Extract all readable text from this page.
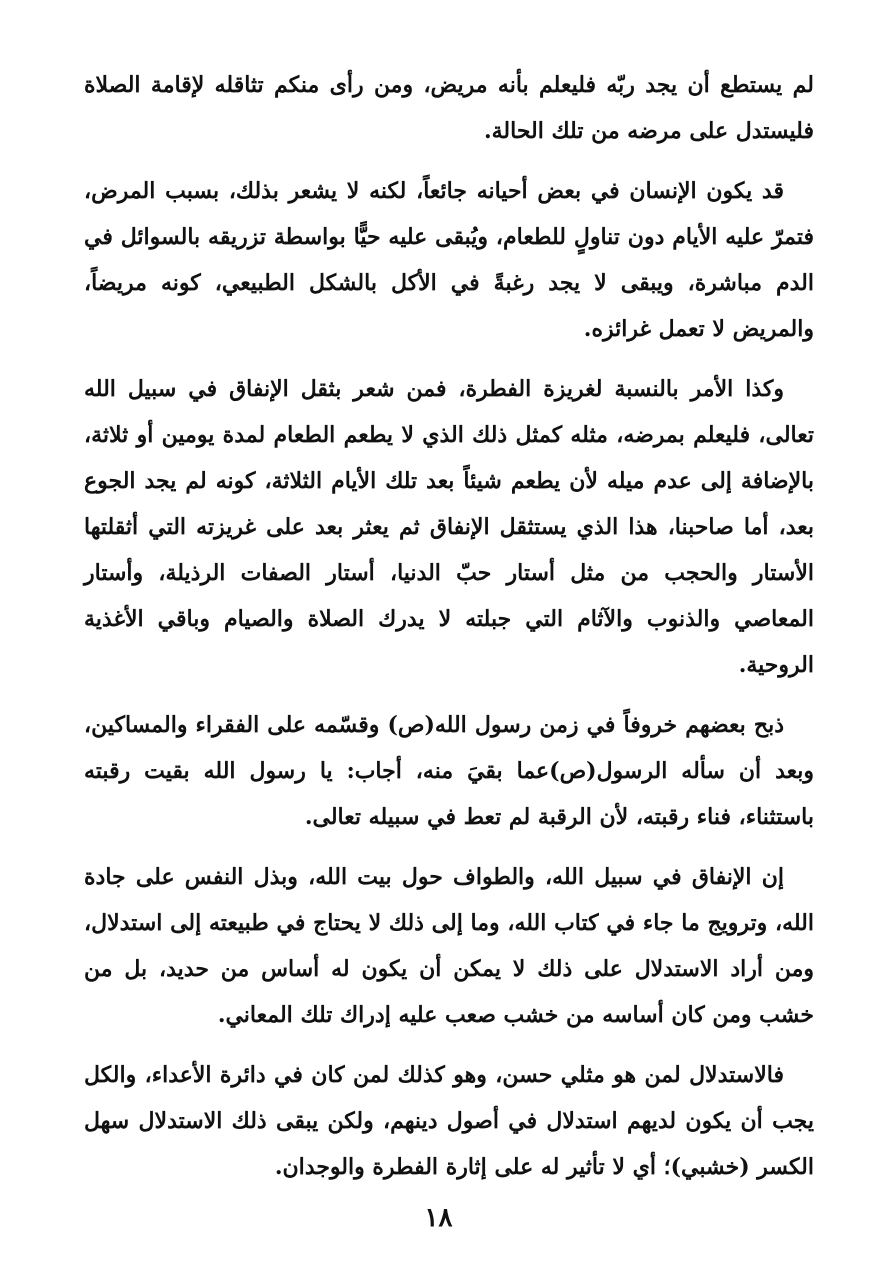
لم يستطع أن يجد ربّه فليعلم بأنه مريض، ومن رأى منكم تثاقله لإقامة الصلاة فليستدل على مرضه من تلك الحالة.

قد يكون الإنسان في بعض أحيانه جائعاً، لكنه لا يشعر بذلك، بسبب المرض، فتمرّ عليه الأيام دون تناولٍ للطعام، ويُبقى عليه حيًّا بواسطة تزريقه بالسوائل في الدم مباشرة، ويبقى لا يجد رغبةً في الأكل بالشكل الطبيعي، كونه مريضاً، والمريض لا تعمل غرائزه.

وكذا الأمر بالنسبة لغريزة الفطرة، فمن شعر بثقل الإنفاق في سبيل الله تعالى، فليعلم بمرضه، مثله كمثل ذلك الذي لا يطعم الطعام لمدة يومين أو ثلاثة، بالإضافة إلى عدم ميله لأن يطعم شيئاً بعد تلك الأيام الثلاثة، كونه لم يجد الجوع بعد، أما صاحبنا، هذا الذي يستثقل الإنفاق ثم يعثر بعد على غريزته التي أثقلتها الأستار والحجب من مثل أستار حبّ الدنيا، أستار الصفات الرذيلة، وأستار المعاصي والذنوب والآثام التي جبلته لا يدرك الصلاة والصيام وباقي الأغذية الروحية.

ذبح بعضهم خروفاً في زمن رسول الله(ص) وقسّمه على الفقراء والمساكين، وبعد أن سأله الرسول(ص)عما بقيَ منه، أجاب: يا رسول الله بقيت رقبته باستثناء، فناء رقبته، لأن الرقبة لم تعط في سبيله تعالى.

إن الإنفاق في سبيل الله، والطواف حول بيت الله، وبذل النفس على جادة الله، وترويج ما جاء في كتاب الله، وما إلى ذلك لا يحتاج في طبيعته إلى استدلال، ومن أراد الاستدلال على ذلك لا يمكن أن يكون له أساس من حديد، بل من خشب ومن كان أساسه من خشب صعب عليه إدراك تلك المعاني.

فالاستدلال لمن هو مثلي حسن، وهو كذلك لمن كان في دائرة الأعداء، والكل يجب أن يكون لديهم استدلال في أصول دينهم، ولكن يبقى ذلك الاستدلال سهل الكسر (خشبي)؛ أي لا تأثير له على إثارة الفطرة والوجدان.

١٨
